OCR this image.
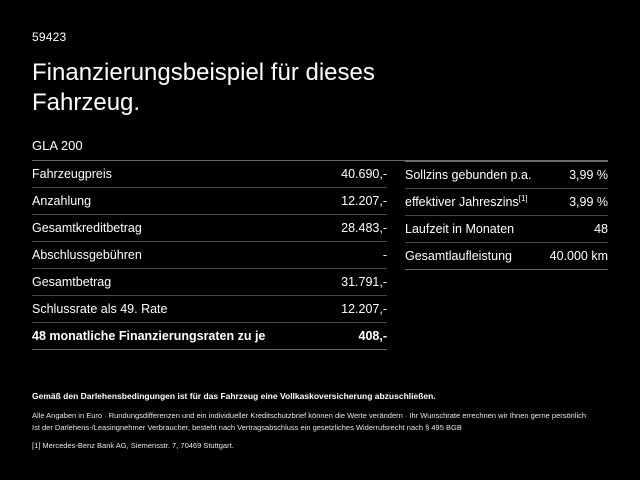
59423
Finanzierungsbeispiel für dieses Fahrzeug.
GLA 200
Fahrzeugpreis	40.690,-
Anzahlung	12.207,-
Gesamtkreditbetrag	28.483,-
Abschlussgebühren	-
Gesamtbetrag	31.791,-
Schlussrate als 49. Rate	12.207,-
48 monatliche Finanzierungsraten zu je	408,-
Sollzins gebunden p.a.	3,99 %
effektiver Jahreszins[1]	3,99 %
Laufzeit in Monaten	48
Gesamtlaufleistung	40.000 km
Gemäß den Darlehensbedingungen ist für das Fahrzeug eine Vollkaskoversicherung abzuschließen.
Alle Angaben in Euro · Rundungsdifferenzen und ein individueller Kreditschutzbrief können die Werte verändern · Ihr Wunschrate errechnen wir Ihnen gerne persönlich
Ist der Darlehens-/Leasingnehmer Verbraucher, besteht nach Vertragsabschluss ein gesetzliches Widerrufsrecht nach § 495 BGB
[1] Mercedes-Benz Bank AG, Siemensstr. 7, 70469 Stuttgart.
